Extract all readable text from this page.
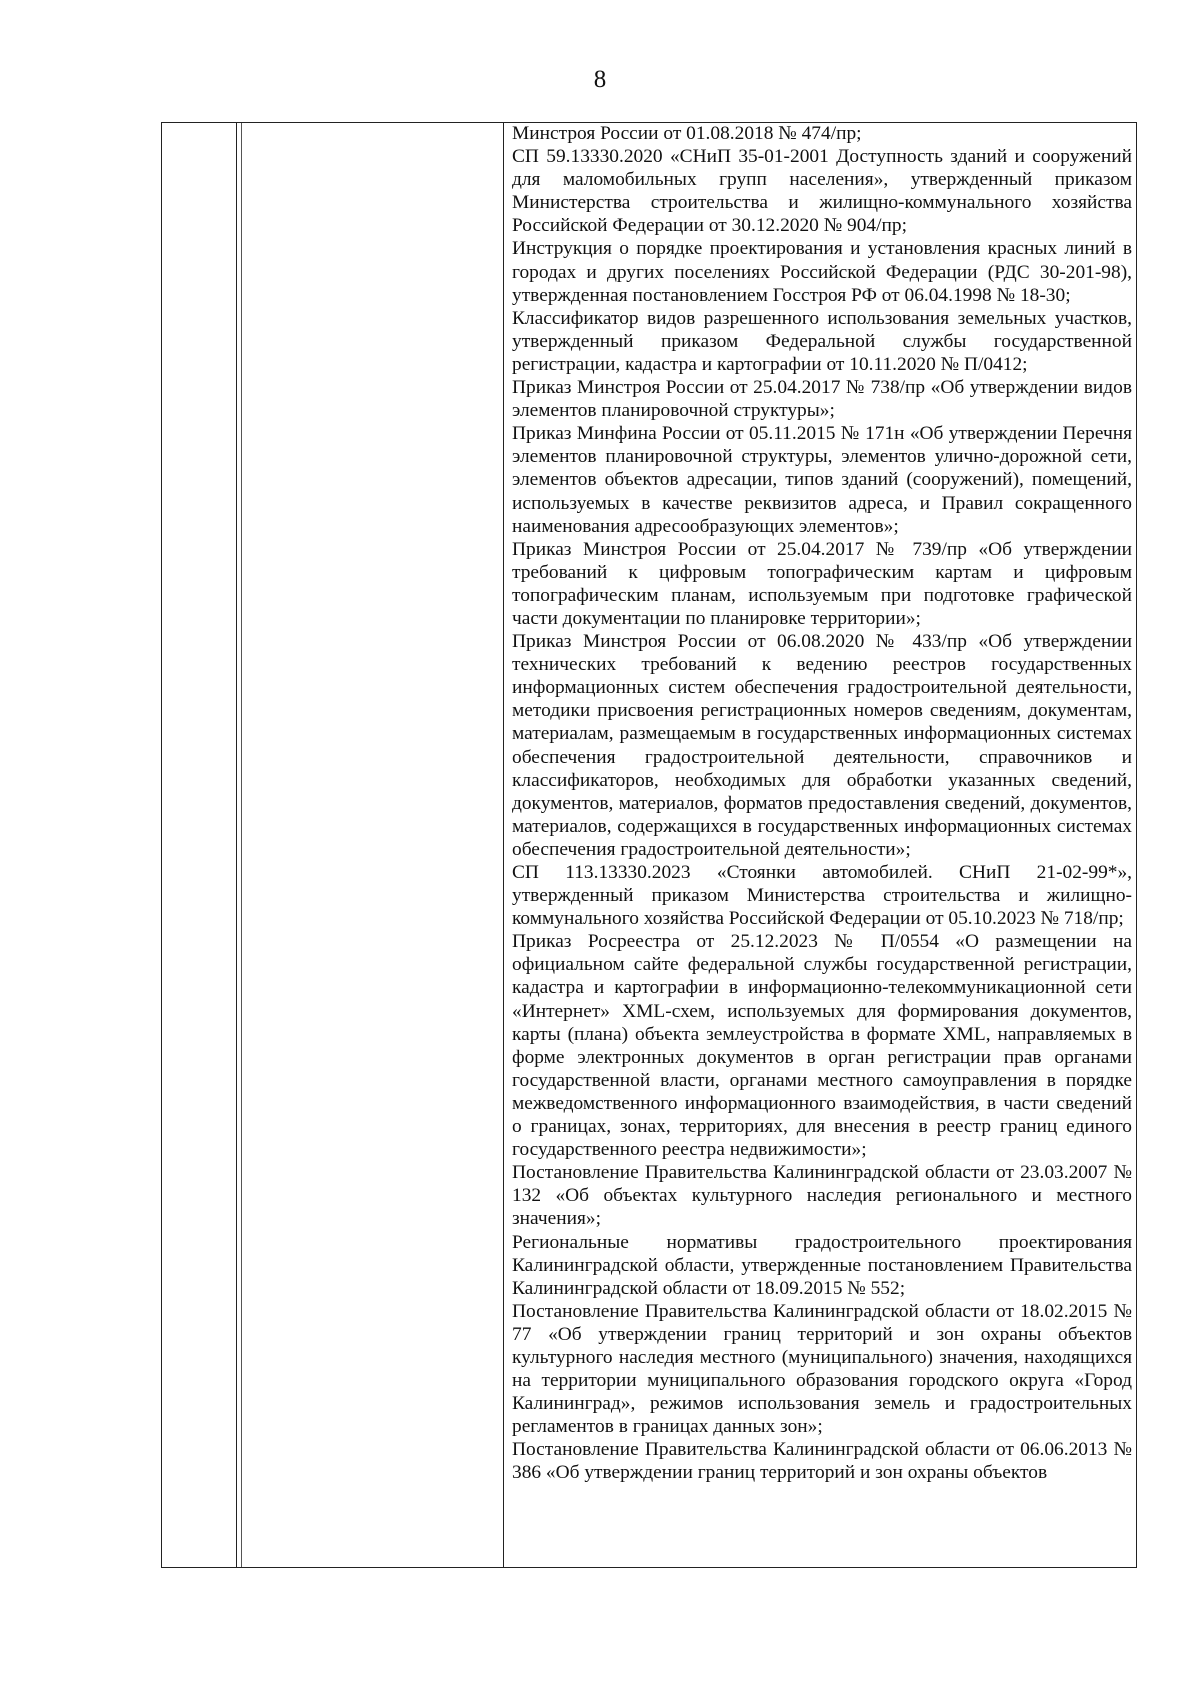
8

Минстроя России от 01.08.2018 № 474/пр;

СП 59.13330.2020 «СНиП 35-01-2001 Доступность зданий и сооружений для маломобильных групп населения», утвержденный приказом Министерства строительства и жилищно-коммунального хозяйства Российской Федерации от 30.12.2020 № 904/пр;

Инструкция о порядке проектирования и установления красных линий в городах и других поселениях Российской Федерации (РДС 30-201-98), утвержденная постановлением Госстроя РФ от 06.04.1998 № 18-30;

Классификатор видов разрешенного использования земельных участков, утвержденный приказом Федеральной службы государственной регистрации, кадастра и картографии от 10.11.2020 № П/0412;

Приказ Минстроя России от 25.04.2017 № 738/пр «Об утверждении видов элементов планировочной структуры»;

Приказ Минфина России от 05.11.2015 № 171н «Об утверждении Перечня элементов планировочной структуры, элементов улично-дорожной сети, элементов объектов адресации, типов зданий (сооружений), помещений, используемых в качестве реквизитов адреса, и Правил сокращенного наименования адресообразующих элементов»;

Приказ Минстроя России от 25.04.2017 № 739/пр «Об утверждении требований к цифровым топографическим картам и цифровым топографическим планам, используемым при подготовке графической части документации по планировке территории»;

Приказ Минстроя России от 06.08.2020 № 433/пр «Об утверждении технических требований к ведению реестров государственных информационных систем обеспечения градостроительной деятельности, методики присвоения регистрационных номеров сведениям, документам, материалам, размещаемым в государственных информационных системах обеспечения градостроительной деятельности, справочников и классификаторов, необходимых для обработки указанных сведений, документов, материалов, форматов предоставления сведений, документов, материалов, содержащихся в государственных информационных системах обеспечения градостроительной деятельности»;

СП 113.13330.2023 «Стоянки автомобилей. СНиП 21-02-99*», утвержденный приказом Министерства строительства и жилищно-коммунального хозяйства Российской Федерации от 05.10.2023 № 718/пр;

Приказ Росреестра от 25.12.2023 № П/0554 «О размещении на официальном сайте федеральной службы государственной регистрации, кадастра и картографии в информационно-телекоммуникационной сети «Интернет» XML-схем, используемых для формирования документов, карты (плана) объекта землеустройства в формате XML, направляемых в форме электронных документов в орган регистрации прав органами государственной власти, органами местного самоуправления в порядке межведомственного информационного взаимодействия, в части сведений о границах, зонах, территориях, для внесения в реестр границ единого государственного реестра недвижимости»;

Постановление Правительства Калининградской области от 23.03.2007 № 132 «Об объектах культурного наследия регионального и местного значения»;

Региональные нормативы градостроительного проектирования Калининградской области, утвержденные постановлением Правительства Калининградской области от 18.09.2015 № 552;

Постановление Правительства Калининградской области от 18.02.2015 № 77 «Об утверждении границ территорий и зон охраны объектов культурного наследия местного (муниципального) значения, находящихся на территории муниципального образования городского округа «Город Калининград», режимов использования земель и градостроительных регламентов в границах данных зон»;

Постановление Правительства Калининградской области от 06.06.2013 № 386 «Об утверждении границ территорий и зон охраны объектов
